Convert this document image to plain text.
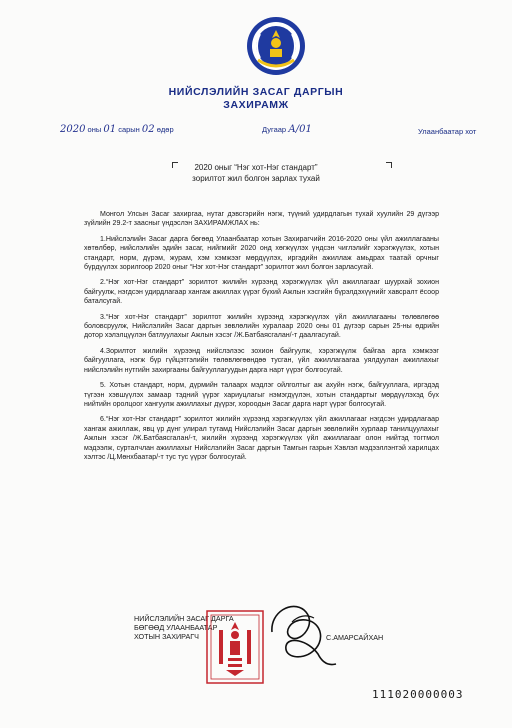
НИЙСЛЭЛИЙН ЗАСАГ ДАРГЫН
ЗАХИРАМЖ
2020 оны 01 сарын 02 өдөр	Дугаар А/01	Улаанбаатар хот
2020 оныг “Нэг хот-Нэг стандарт”
зорилтот жил болгон зарлах тухай

Монгол Улсын Засаг захиргаа, нутаг дэвсгэрийн нэгж, түүний удирдлагын тухай хуулийн 29 дүгээр зүйлийн 29.2-т заасныг үндэслэн ЗАХИРАМЖЛАХ нь:

1.Нийслэлийн Засаг дарга бөгөөд Улаанбаатар хотын Захирагчийн 2016-2020 оны үйл ажиллагааны хөтөлбөр, нийслэлийн эдийн засаг, нийгмийг 2020 онд хөгжүүлэх үндсэн чиглэлийг хэрэгжүүлэх, хотын стандарт, норм, дүрэм, журам, хэм хэмжээг мөрдүүлэх, иргэдийн ажиллаж амьдрах таатай орчныг бүрдүүлэх зорилгоор 2020 оныг “Нэг хот-Нэг стандарт” зорилтот жил болгон зарласугай.

2.“Нэг хот-Нэг стандарт” зорилтот жилийн хүрээнд хэрэгжүүлэх үйл ажиллагааг шуурхай зохион байгуулж, нэгдсэн удирдлагаар хангаж ажиллах үүрэг бүхий Ажлын хэсгийн бүрэлдэхүүнийг хавсралт ёсоор баталсугай.

3.“Нэг хот-Нэг стандарт” зорилтот жилийн хүрээнд хэрэгжүүлэх үйл ажиллагааны төлөвлөгөө боловсруулж, Нийслэлийн Засаг даргын зөвлөлийн хуралаар 2020 оны 01 дүгээр сарын 25-ны өдрийн дотор хэлэлцүүлэн батлуулахыг Ажлын хэсэг /Ж.Батбаясгалан/-т даалгасугай.

4.Зорилтот жилийн хүрээнд нийслэлээс зохион байгуулж, хэрэгжүүлж байгаа арга хэмжээг байгууллага, нэгж бүр гүйцэтгэлийн төлөвлөгөөндөө тусган, үйл ажиллагаагаа уялдуулан ажиллахыг нийслэлийн нутгийн захиргааны байгууллагуудын дарга нарт үүрэг болгосугай.

5. Хотын стандарт, норм, дүрмийн талаарх мэдлэг ойлголтыг аж ахуйн нэгж, байгууллага, иргэдэд түгээн хэвшүүлэх замаар тэдний үүрэг хариуцлагыг нэмэгдүүлэн, хотын стандартыг мөрдүүлэхэд бүх нийтийн оролцоог хангуулж ажиллахыг дүүрэг, хороодын Засаг дарга нарт үүрэг болгосугай.

6.“Нэг хот-Нэг стандарт” зорилтот жилийн хүрээнд хэрэгжүүлэх үйл ажиллагааг нэгдсэн удирдлагаар хангаж ажиллаж, явц үр дүнг улирал тутамд Нийслэлийн Засаг даргын зөвлөлийн хурлаар танилцуулахыг Ажлын хэсэг /Ж.Батбаясгалан/-т, жилийн хүрээнд хэрэгжүүлэх үйл ажиллагааг олон нийтэд тогтмол мэдээлж, сурталчлан ажиллахыг Нийслэлийн Засаг даргын Тамгын газрын Хэвлэл мэдээллэнтэй харилцах хэлтэс /Ц.Мөнхбаатар/-т тус тус үүрэг болгосугай.

НИЙСЛЭЛИЙН ЗАСАГ ДАРГА
БӨГӨӨД УЛААНБААТАР
ХОТЫН ЗАХИРАГЧ	С.АМАРСАЙХАН
111020000003
